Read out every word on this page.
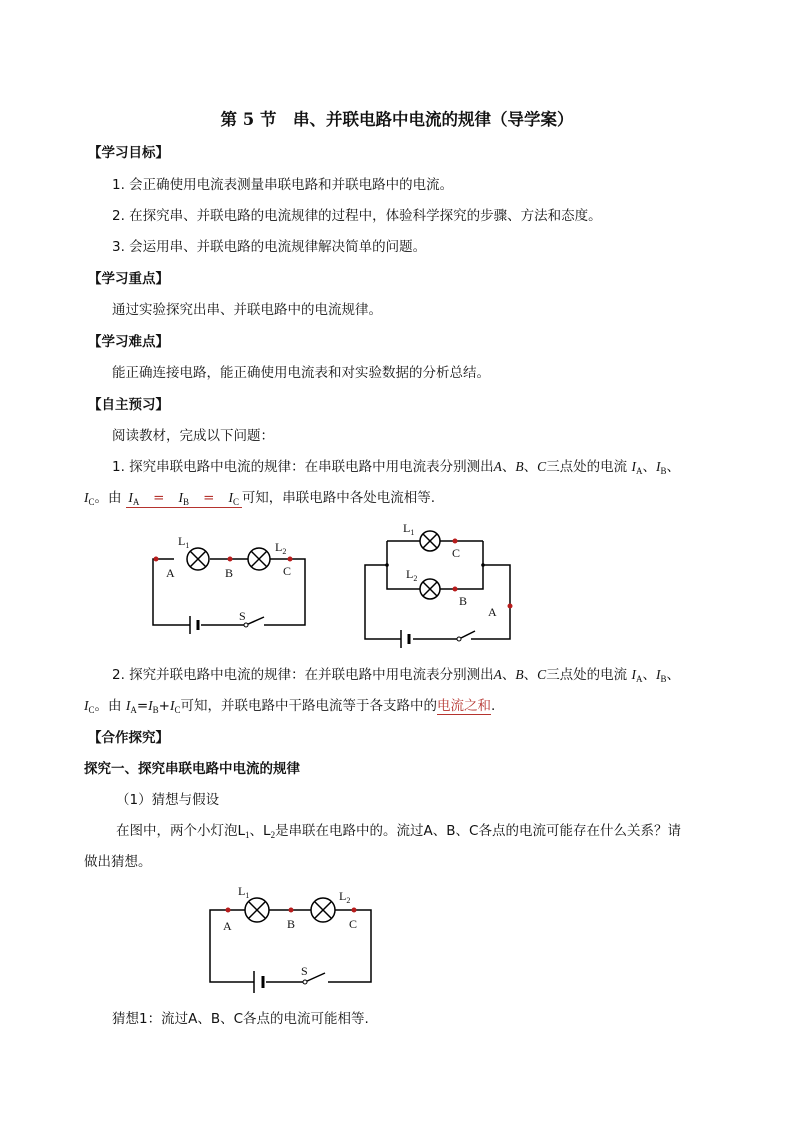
第 5 节　串、并联电路中电流的规律（导学案）
【学习目标】
1. 会正确使用电流表测量串联电路和并联电路中的电流。
2. 在探究串、并联电路的电流规律的过程中，体验科学探究的步骤、方法和态度。
3. 会运用串、并联电路的电流规律解决简单的问题。
【学习重点】
通过实验探究出串、并联电路中的电流规律。
【学习难点】
能正确连接电路，能正确使用电流表和对实验数据的分析总结。
【自主预习】
阅读教材，完成以下问题：
1. 探究串联电路中电流的规律：在串联电路中用电流表分别测出A、B、C三点处的电流 $I_A$、$I_B$、
$I_C$。由 $I_A = I_B = I_C$ 可知，串联电路中各处电流相等.
$L_1$	$L_2$
A	B	C
S
$L_1$
$L_2$
C
B
A
2. 探究并联电路中电流的规律：在并联电路中用电流表分别测出A、B、C三点处的电流 $I_A$、$I_B$、
$I_C$。由 $I_A=I_B+I_C$可知，并联电路中干路电流等于各支路中的电流之和.
【合作探究】
探究一、探究串联电路中电流的规律
（1）猜想与假设
在图中，两个小灯泡$L_1$、$L_2$是串联在电路中的。流过A、B、C各点的电流可能存在什么关系？请
做出猜想。
$L_1$	$L_2$
A	B	C
S
猜想1：流过A、B、C各点的电流可能相等.
